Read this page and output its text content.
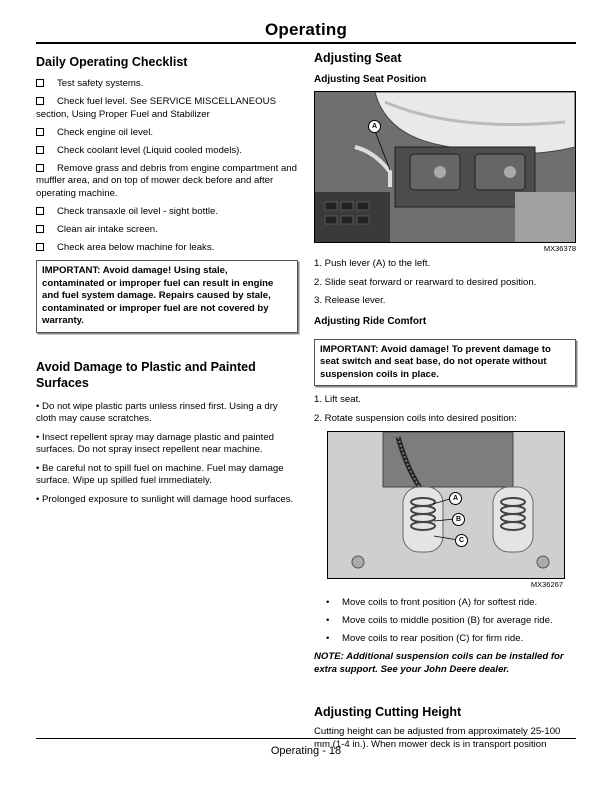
Operating
Daily Operating Checklist
Test safety systems.
Check fuel level. See SERVICE MISCELLANEOUS section, Using Proper Fuel and Stabilizer
Check engine oil level.
Check coolant level (Liquid cooled models).
Remove grass and debris from engine compartment and muffler area, and on top of mower deck before and after operating machine.
Check transaxle oil level - sight bottle.
Clean air intake screen.
Check area below machine for leaks.
IMPORTANT: Avoid damage! Using stale, contaminated or improper fuel can result in engine and fuel system damage. Repairs caused by stale, contaminated or improper fuel are not covered by warranty.
Avoid Damage to Plastic and Painted Surfaces

• Do not wipe plastic parts unless rinsed first. Using a dry cloth may cause scratches.

• Insect repellent spray may damage plastic and painted surfaces. Do not spray insect repellent near machine.

• Be careful not to spill fuel on machine. Fuel may damage surface. Wipe up spilled fuel immediately.

• Prolonged exposure to sunlight will damage hood surfaces.

Adjusting Seat
Adjusting Seat Position
A
MX36378

1. Push lever (A) to the left.

2. Slide seat forward or rearward to desired position.

3. Release lever.

Adjusting Ride Comfort
IMPORTANT: Avoid damage! To prevent damage to seat switch and seat base, do not operate without suspension coils in place.

1. Lift seat.

2. Rotate suspension coils into desired position:

A
B
C
MX36267
• Move coils to front position (A) for softest ride.
• Move coils to middle position (B) for average ride.
• Move coils to rear position (C) for firm ride.

NOTE: Additional suspension coils can be installed for extra support. See your John Deere dealer.

Adjusting Cutting Height

Cutting height can be adjusted from approximately 25-100 mm (1-4 in.). When mower deck is in transport position

Operating - 18
